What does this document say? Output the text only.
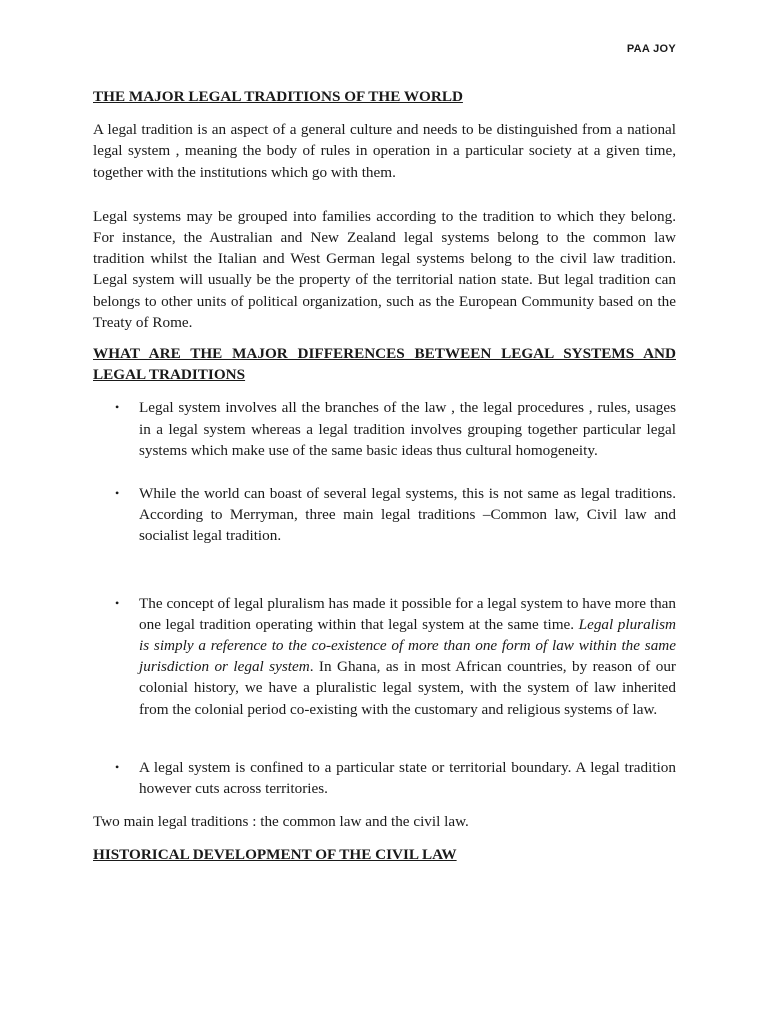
PAA JOY

THE MAJOR LEGAL TRADITIONS OF THE WORLD

A legal tradition is an aspect of a general culture and needs to be distinguished from a national legal system , meaning the body of rules in operation in a particular society at a given time, together with the institutions which go with them.

Legal systems may be grouped into families according to the tradition to which they belong. For instance, the Australian and New Zealand legal systems belong to the common law tradition whilst the Italian and West German legal systems belong to the civil law tradition. Legal system will usually be the property of the territorial nation state. But legal tradition can belongs to other units of political organization, such as the European Community based on the Treaty of Rome.

WHAT ARE THE MAJOR DIFFERENCES BETWEEN LEGAL SYSTEMS AND LEGAL TRADITIONS

• Legal system involves all the branches of the law , the legal procedures , rules, usages in a legal system whereas a legal tradition involves grouping together particular legal systems which make use of the same basic ideas thus cultural homogeneity.
• While the world can boast of several legal systems, this is not same as legal traditions. According to Merryman, three main legal traditions –Common law, Civil law and socialist legal tradition.
• The concept of legal pluralism has made it possible for a legal system to have more than one legal tradition operating within that legal system at the same time. Legal pluralism is simply a reference to the co-existence of more than one form of law within the same jurisdiction or legal system. In Ghana, as in most African countries, by reason of our colonial history, we have a pluralistic legal system, with the system of law inherited from the colonial period co-existing with the customary and religious systems of law.
• A legal system is confined to a particular state or territorial boundary. A legal tradition however cuts across territories.

Two main legal traditions : the common law and the civil law.

HISTORICAL DEVELOPMENT OF THE CIVIL LAW
